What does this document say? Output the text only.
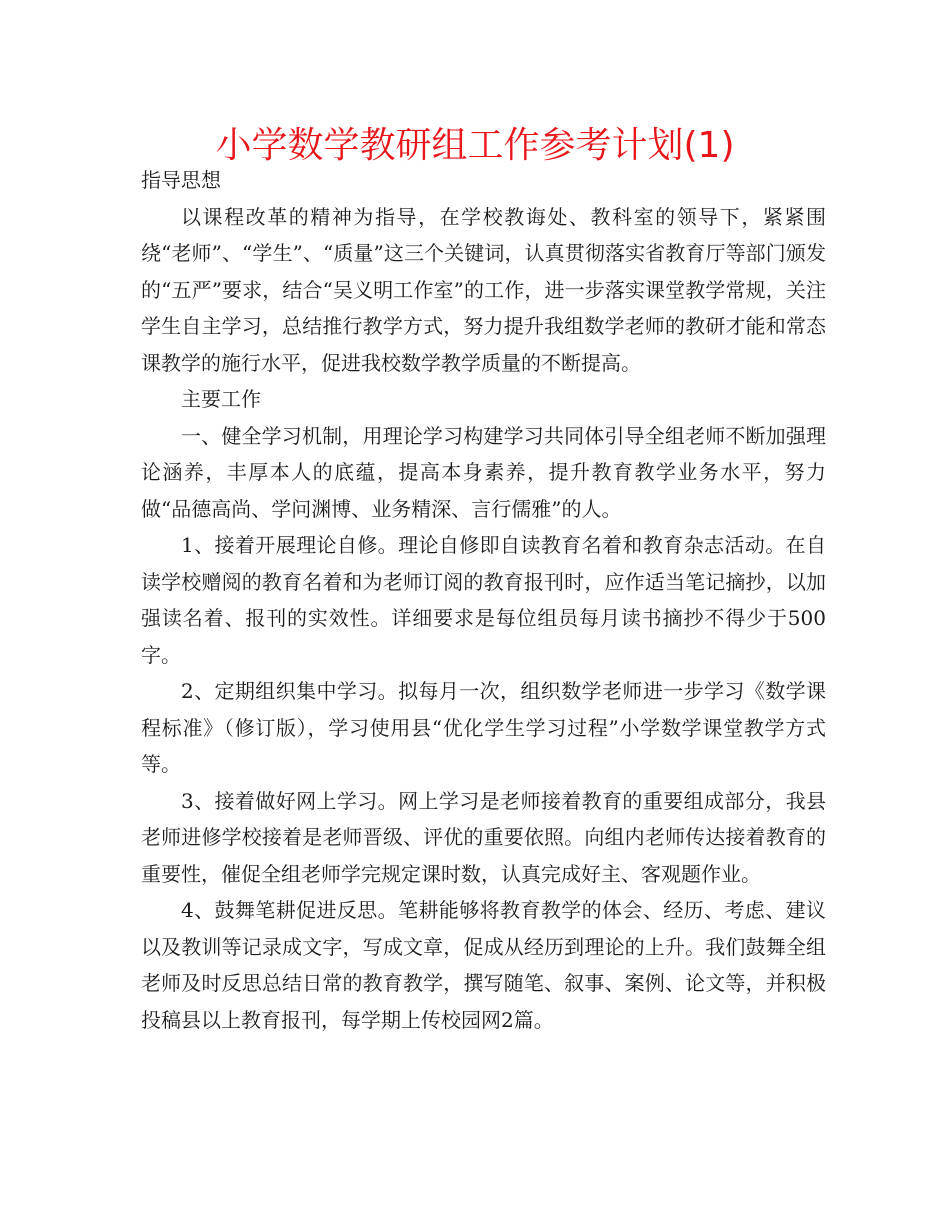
小学数学教研组工作参考计划(1)

指导思想

以课程改革的精神为指导，在学校教诲处、教科室的领导下，紧紧围绕“老师”、“学生”、“质量”这三个关键词，认真贯彻落实省教育厅等部门颁发的“五严”要求，结合“吴义明工作室”的工作，进一步落实课堂教学常规，关注学生自主学习，总结推行教学方式，努力提升我组数学老师的教研才能和常态课教学的施行水平，促进我校数学教学质量的不断提高。

主要工作

一、健全学习机制，用理论学习构建学习共同体引导全组老师不断加强理论涵养，丰厚本人的底蕴，提高本身素养，提升教育教学业务水平，努力做“品德高尚、学问渊博、业务精深、言行儒雅”的人。

1、接着开展理论自修。理论自修即自读教育名着和教育杂志活动。在自读学校赠阅的教育名着和为老师订阅的教育报刊时，应作适当笔记摘抄，以加强读名着、报刊的实效性。详细要求是每位组员每月读书摘抄不得少于500字。

2、定期组织集中学习。拟每月一次，组织数学老师进一步学习《数学课程标准》（修订版），学习使用县“优化学生学习过程”小学数学课堂教学方式等。

3、接着做好网上学习。网上学习是老师接着教育的重要组成部分，我县老师进修学校接着是老师晋级、评优的重要依照。向组内老师传达接着教育的重要性，催促全组老师学完规定课时数，认真完成好主、客观题作业。

4、鼓舞笔耕促进反思。笔耕能够将教育教学的体会、经历、考虑、建议以及教训等记录成文字，写成文章，促成从经历到理论的上升。我们鼓舞全组老师及时反思总结日常的教育教学，撰写随笔、叙事、案例、论文等，并积极投稿县以上教育报刊，每学期上传校园网2篇。
